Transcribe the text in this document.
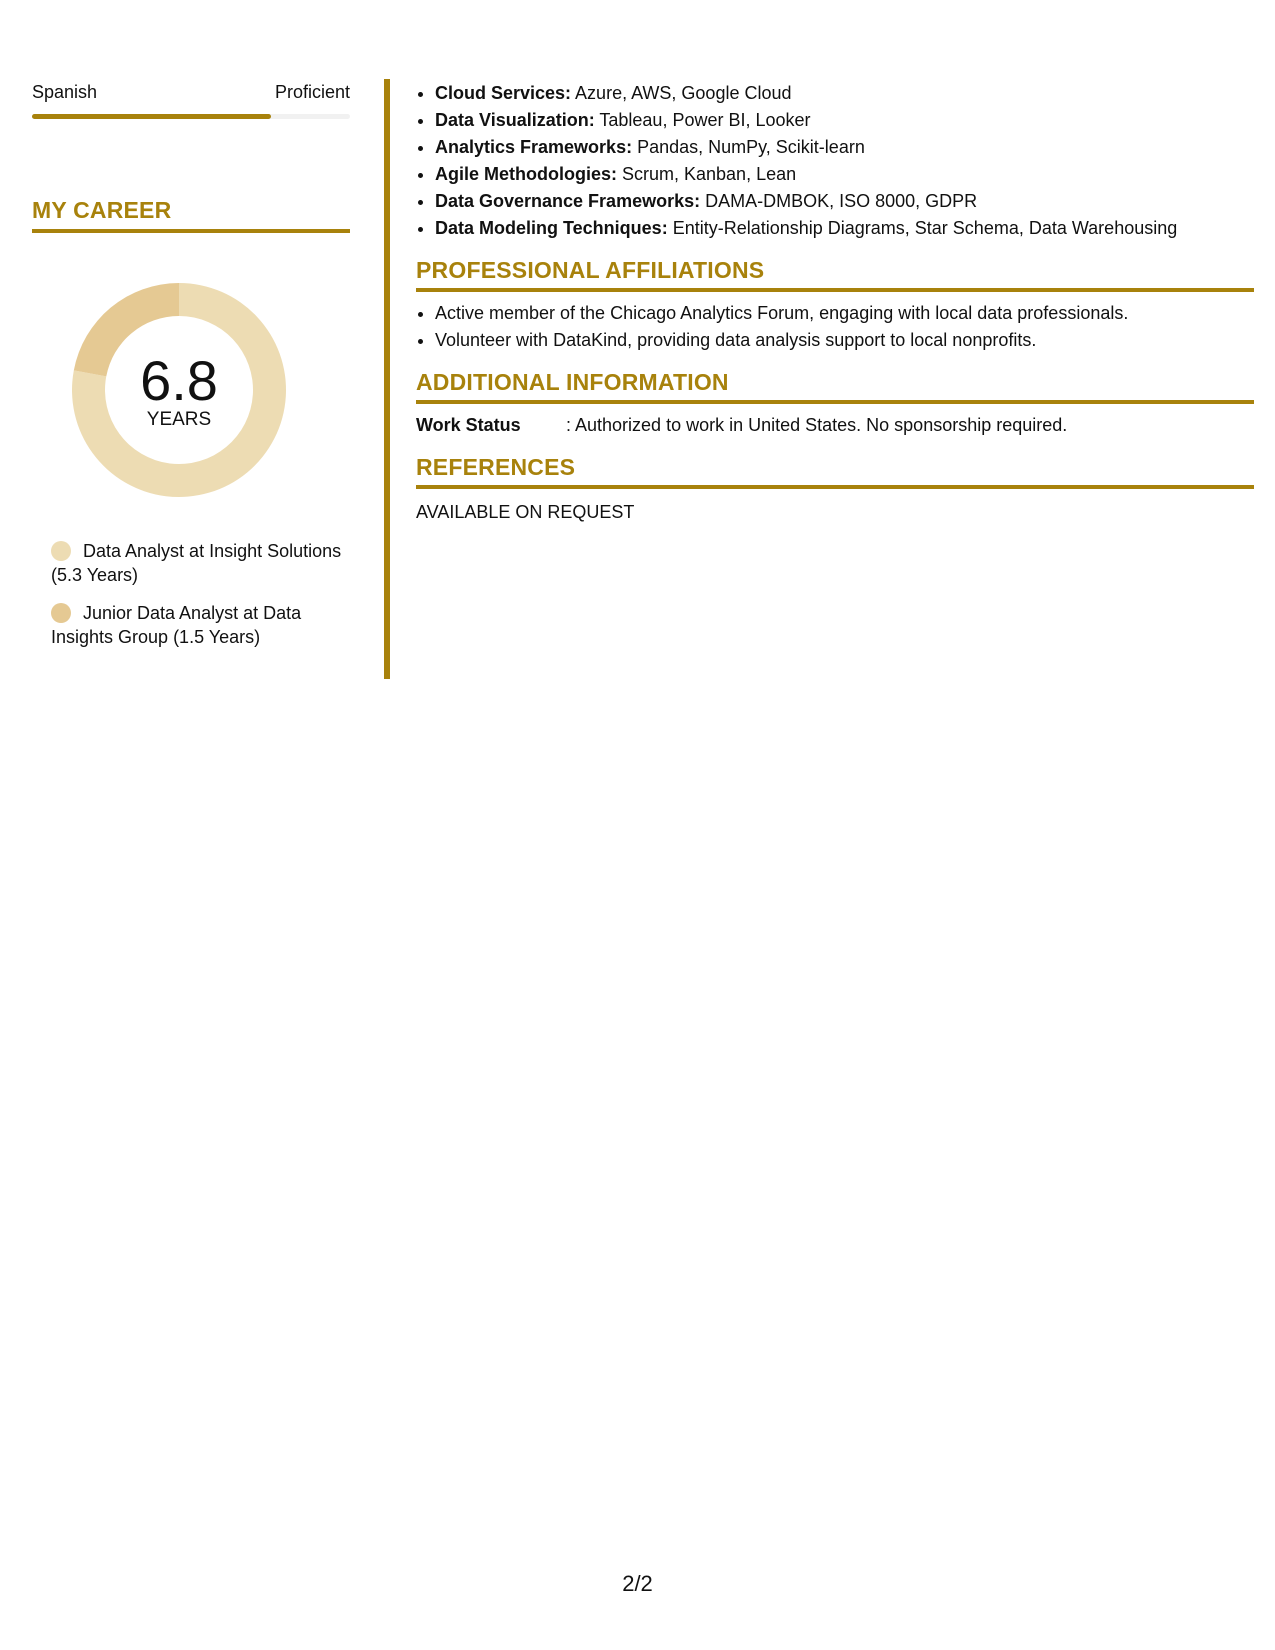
Spanish	Proficient
MY CAREER
6.8
YEARS
Data Analyst at Insight Solutions (5.3 Years)
Junior Data Analyst at Data Insights Group (1.5 Years)
• Cloud Services: Azure, AWS, Google Cloud
• Data Visualization: Tableau, Power BI, Looker
• Analytics Frameworks: Pandas, NumPy, Scikit-learn
• Agile Methodologies: Scrum, Kanban, Lean
• Data Governance Frameworks: DAMA-DMBOK, ISO 8000, GDPR
• Data Modeling Techniques: Entity-Relationship Diagrams, Star Schema, Data Warehousing
PROFESSIONAL AFFILIATIONS
• Active member of the Chicago Analytics Forum, engaging with local data professionals.
• Volunteer with DataKind, providing data analysis support to local nonprofits.
ADDITIONAL INFORMATION
Work Status	: Authorized to work in United States. No sponsorship required.
REFERENCES
AVAILABLE ON REQUEST
2/2
